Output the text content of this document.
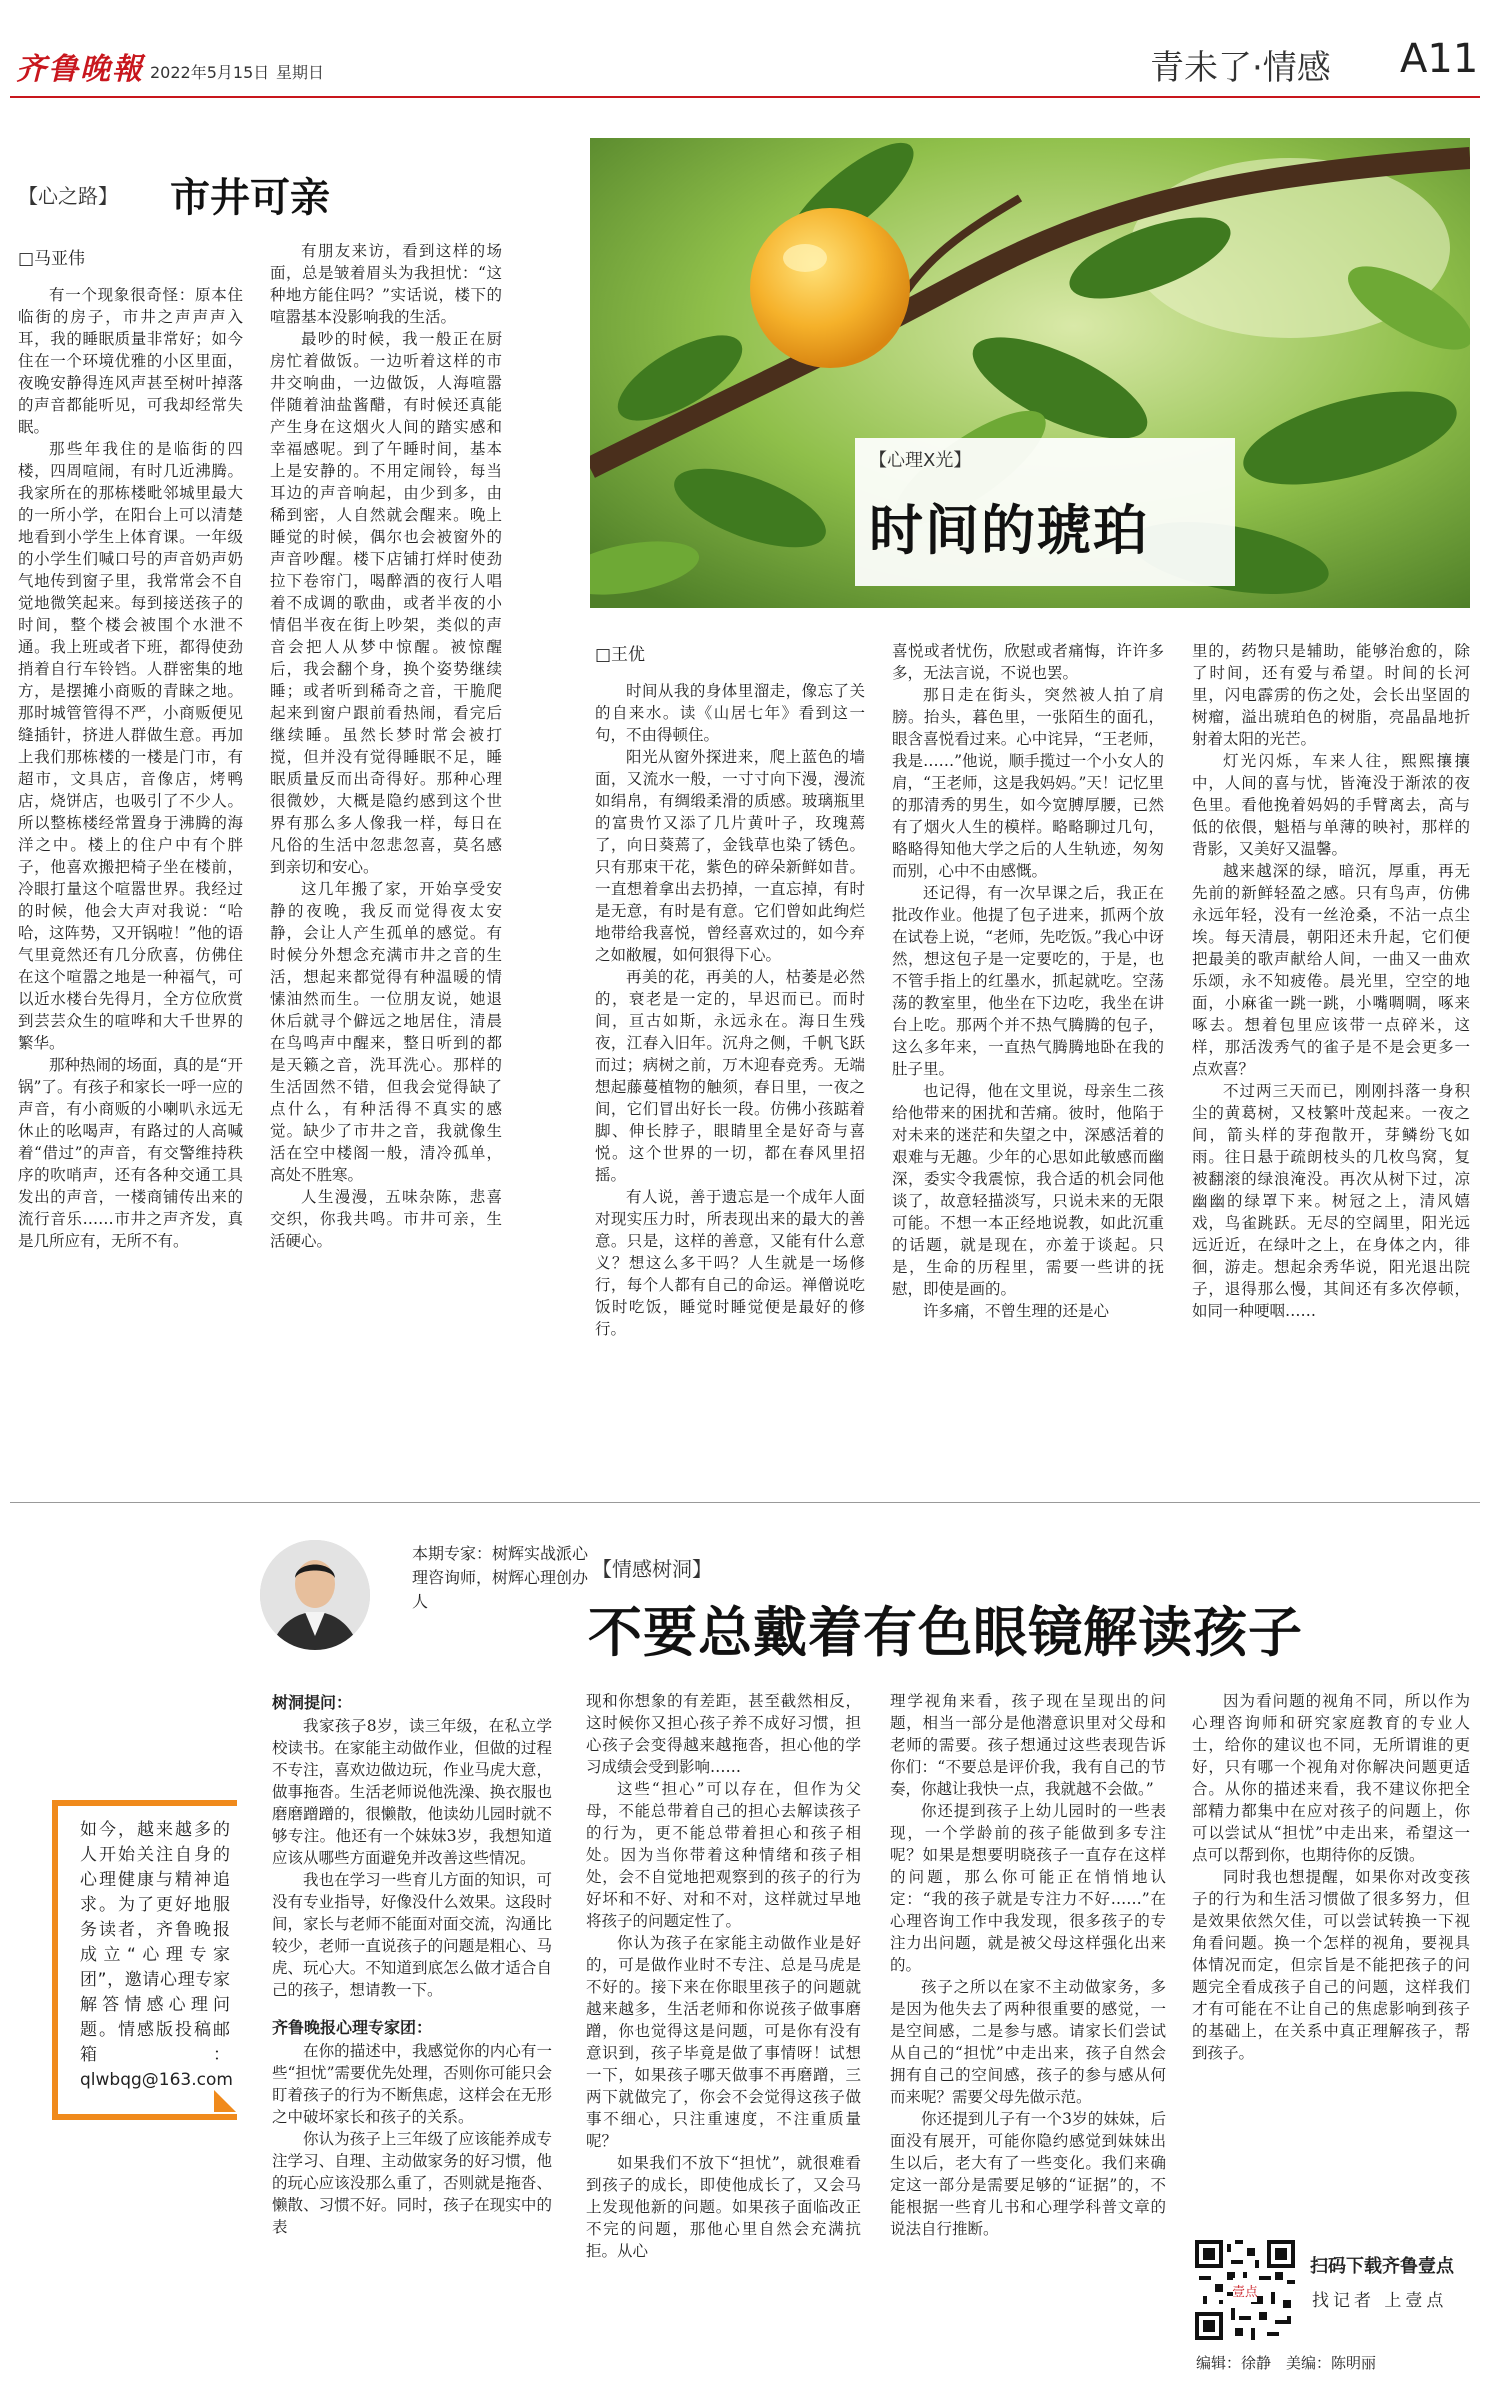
齐鲁晚報 2022年5月15日 星期日	青未了·情感 A11
【心之路】 市井可亲
□马亚伟

有一个现象很奇怪：原本住临街的房子，市井之声声声入耳，我的睡眠质量非常好；如今住在一个环境优雅的小区里面，夜晚安静得连风声甚至树叶掉落的声音都能听见，可我却经常失眠。

那些年我住的是临街的四楼，四周喧闹，有时几近沸腾。我家所在的那栋楼毗邻城里最大的一所小学，在阳台上可以清楚地看到小学生上体育课。一年级的小学生们喊口号的声音奶声奶气地传到窗子里，我常常会不自觉地微笑起来。每到接送孩子的时间，整个楼会被围个水泄不通。我上班或者下班，都得使劲捎着自行车铃铛。人群密集的地方，是摆摊小商贩的青睐之地。那时城管管得不严，小商贩便见缝插针，挤进人群做生意。再加上我们那栋楼的一楼是门市，有超市，文具店，音像店，烤鸭店，烧饼店，也吸引了不少人。所以整栋楼经常置身于沸腾的海洋之中。楼上的住户中有个胖子，他喜欢搬把椅子坐在楼前，冷眼打量这个喧嚣世界。我经过的时候，他会大声对我说：“哈哈，这阵势，又开锅啦！”他的语气里竟然还有几分欣喜，仿佛住在这个喧嚣之地是一种福气，可以近水楼台先得月，全方位欣赏到芸芸众生的喧哗和大千世界的繁华。

那种热闹的场面，真的是“开锅”了。有孩子和家长一呼一应的声音，有小商贩的小喇叭永远无休止的吆喝声，有路过的人高喊着“借过”的声音，有交警维持秩序的吹哨声，还有各种交通工具发出的声音，一楼商铺传出来的流行音乐……市井之声齐发，真是几所应有，无所不有。

有朋友来访，看到这样的场面，总是皱着眉头为我担忧：“这种地方能住吗？”实话说，楼下的喧嚣基本没影响我的生活。

最吵的时候，我一般正在厨房忙着做饭。一边听着这样的市井交响曲，一边做饭，人海喧嚣伴随着油盐酱醋，有时候还真能产生身在这烟火人间的踏实感和幸福感呢。到了午睡时间，基本上是安静的。不用定闹铃，每当耳边的声音响起，由少到多，由稀到密，人自然就会醒来。晚上睡觉的时候，偶尔也会被窗外的声音吵醒。楼下店铺打烊时使劲拉下卷帘门，喝醉酒的夜行人唱着不成调的歌曲，或者半夜的小情侣半夜在街上吵架，类似的声音会把人从梦中惊醒。被惊醒后，我会翻个身，换个姿势继续睡；或者听到稀奇之音，干脆爬起来到窗户跟前看热闹，看完后继续睡。虽然长梦时常会被打搅，但并没有觉得睡眠不足，睡眠质量反而出奇得好。那种心理很微妙，大概是隐约感到这个世界有那么多人像我一样，每日在凡俗的生活中忽悲忽喜，莫名感到亲切和安心。

这几年搬了家，开始享受安静的夜晚，我反而觉得夜太安静，会让人产生孤单的感觉。有时候分外想念充满市井之音的生活，想起来都觉得有种温暖的情愫油然而生。一位朋友说，她退休后就寻个僻远之地居住，清晨在鸟鸣声中醒来，整日听到的都是天籁之音，洗耳洗心。那样的生活固然不错，但我会觉得缺了点什么，有种活得不真实的感觉。缺少了市井之音，我就像生活在空中楼阁一般，清冷孤单，高处不胜寒。

人生漫漫，五味杂陈，悲喜交织，你我共鸣。市井可亲，生活硬心。

【心理X光】
时间的琥珀
□王优

时间从我的身体里溜走，像忘了关的自来水。读《山居七年》看到这一句，不由得顿住。

阳光从窗外探进来，爬上蓝色的墙面，又流水一般，一寸寸向下漫，漫流如绢帛，有绸缎柔滑的质感。玻璃瓶里的富贵竹又添了几片黄叶子，玫瑰蔫了，向日葵蔫了，金钱草也染了锈色。只有那束干花，紫色的碎朵新鲜如昔。一直想着拿出去扔掉，一直忘掉，有时是无意，有时是有意。它们曾如此绚烂地带给我喜悦，曾经喜欢过的，如今弃之如敝履，如何狠得下心。

再美的花，再美的人，枯萎是必然的，衰老是一定的，早迟而已。而时间，亘古如斯，永远永在。海日生残夜，江春入旧年。沉舟之侧，千帆飞跃而过；病树之前，万木迎春竞秀。无端想起藤蔓植物的触须，春日里，一夜之间，它们冒出好长一段。仿佛小孩踮着脚、伸长脖子，眼睛里全是好奇与喜悦。这个世界的一切，都在春风里招摇。

有人说，善于遗忘是一个成年人面对现实压力时，所表现出来的最大的善意。只是，这样的善意，又能有什么意义？想这么多干吗？人生就是一场修行，每个人都有自己的命运。禅僧说吃饭时吃饭，睡觉时睡觉便是最好的修行。

喜悦或者忧伤，欣慰或者痛悔，许许多多，无法言说，不说也罢。

那日走在街头，突然被人拍了肩膀。抬头，暮色里，一张陌生的面孔，眼含喜悦看过来。心中诧异，“王老师，我是……”他说，顺手揽过一个小女人的肩，“王老师，这是我妈妈。”天！记忆里的那清秀的男生，如今宽膊厚腰，已然有了烟火人生的模样。略略聊过几句，略略得知他大学之后的人生轨迹，匆匆而别，心中不由感慨。

还记得，有一次早课之后，我正在批改作业。他提了包子进来，抓两个放在试卷上说，“老师，先吃饭。”我心中讶然，想这包子是一定要吃的，于是，也不管手指上的红墨水，抓起就吃。空荡荡的教室里，他坐在下边吃，我坐在讲台上吃。那两个并不热气腾腾的包子，这么多年来，一直热气腾腾地卧在我的肚子里。

也记得，他在文里说，母亲生二孩给他带来的困扰和苦痛。彼时，他陷于对未来的迷茫和失望之中，深感活着的艰难与无趣。少年的心思如此敏感而幽深，委实令我震惊，我合适的机会同他谈了，故意轻描淡写，只说未来的无限可能。不想一本正经地说教，如此沉重的话题，就是现在，亦羞于谈起。只是，生命的历程里，需要一些讲的抚慰，即使是画的。

许多痛，不曾生理的还是心

里的，药物只是辅助，能够治愈的，除了时间，还有爱与希望。时间的长河里，闪电霹雳的伤之处，会长出坚固的树瘤，溢出琥珀色的树脂，亮晶晶地折射着太阳的光芒。

灯光闪烁，车来人往，熙熙攘攘中，人间的喜与忧，皆淹没于渐浓的夜色里。看他挽着妈妈的手臂离去，高与低的依偎，魁梧与单薄的映衬，那样的背影，又美好又温馨。

越来越深的绿，暗沉，厚重，再无先前的新鲜轻盈之感。只有鸟声，仿佛永远年轻，没有一丝沧桑，不沾一点尘埃。每天清晨，朝阳还未升起，它们便把最美的歌声献给人间，一曲又一曲欢乐颂，永不知疲倦。晨光里，空空的地面，小麻雀一跳一跳，小嘴啁啁，啄来啄去。想着包里应该带一点碎米，这样，那活泼秀气的雀子是不是会更多一点欢喜？

不过两三天而已，刚刚抖落一身积尘的黄葛树，又枝繁叶茂起来。一夜之间，箭头样的芽孢散开，芽鳞纷飞如雨。往日悬于疏朗枝头的几枚鸟窝，复被翻滚的绿浪淹没。再次从树下过，凉幽幽的绿罩下来。树冠之上，清风嬉戏，鸟雀跳跃。无尽的空阔里，阳光远远近近，在绿叶之上，在身体之内，徘徊，游走。想起余秀华说，阳光退出院子，退得那么慢，其间还有多次停顿，如同一种哽咽……

本期专家：树辉实战派心理咨询师，树辉心理创办人
【情感树洞】
不要总戴着有色眼镜解读孩子
如今，越来越多的人开始关注自身的心理健康与精神追求。为了更好地服务读者，齐鲁晚报成立“心理专家团”，邀请心理专家解答情感心理问题。情感版投稿邮箱：qlwbqg@163.com
树洞提问：

我家孩子8岁，读三年级，在私立学校读书。在家能主动做作业，但做的过程不专注，喜欢边做边玩，作业马虎大意，做事拖沓。生活老师说他洗澡、换衣服也磨磨蹭蹭的，很懒散，他读幼儿园时就不够专注。他还有一个妹妹3岁，我想知道应该从哪些方面避免并改善这些情况。

我也在学习一些育儿方面的知识，可没有专业指导，好像没什么效果。这段时间，家长与老师不能面对面交流，沟通比较少，老师一直说孩子的问题是粗心、马虎、玩心大。不知道到底怎么做才适合自己的孩子，想请教一下。

齐鲁晚报心理专家团：

在你的描述中，我感觉你的内心有一些“担忧”需要优先处理，否则你可能只会盯着孩子的行为不断焦虑，这样会在无形之中破坏家长和孩子的关系。

你认为孩子上三年级了应该能养成专注学习、自理、主动做家务的好习惯，他的玩心应该没那么重了，否则就是拖沓、懒散、习惯不好。同时，孩子在现实中的表

现和你想象的有差距，甚至截然相反，这时候你又担心孩子养不成好习惯，担心孩子会变得越来越拖沓，担心他的学习成绩会受到影响……

这些“担心”可以存在，但作为父母，不能总带着自己的担心去解读孩子的行为，更不能总带着担心和孩子相处。因为当你带着这种情绪和孩子相处，会不自觉地把观察到的孩子的行为好坏和不好、对和不对，这样就过早地将孩子的问题定性了。

你认为孩子在家能主动做作业是好的，可是做作业时不专注、总是马虎是不好的。接下来在你眼里孩子的问题就越来越多，生活老师和你说孩子做事磨蹭，你也觉得这是问题，可是你有没有意识到，孩子毕竟是做了事情呀！试想一下，如果孩子哪天做事不再磨蹭，三两下就做完了，你会不会觉得这孩子做事不细心，只注重速度，不注重质量呢？

如果我们不放下“担忧”，就很难看到孩子的成长，即使他成长了，又会马上发现他新的问题。如果孩子面临改正不完的问题，那他心里自然会充满抗拒。从心

理学视角来看，孩子现在呈现出的问题，相当一部分是他潜意识里对父母和老师的需要。孩子想通过这些表现告诉你们：“不要总是评价我，我有自己的节奏，你越让我快一点，我就越不会做。”

你还提到孩子上幼儿园时的一些表现，一个学龄前的孩子能做到多专注呢？如果是想要明晓孩子一直存在这样的问题，那么你可能正在悄悄地认定：“我的孩子就是专注力不好……”在心理咨询工作中我发现，很多孩子的专注力出问题，就是被父母这样强化出来的。

孩子之所以在家不主动做家务，多是因为他失去了两种很重要的感觉，一是空间感，二是参与感。请家长们尝试从自己的“担忧”中走出来，孩子自然会拥有自己的空间感，孩子的参与感从何而来呢？需要父母先做示范。

你还提到儿子有一个3岁的妹妹，后面没有展开，可能你隐约感觉到妹妹出生以后，老大有了一些变化。我们来确定这一部分是需要足够的“证据”的，不能根据一些育儿书和心理学科普文章的说法自行推断。

因为看问题的视角不同，所以作为心理咨询师和研究家庭教育的专业人士，给你的建议也不同，无所谓谁的更好，只有哪一个视角对你解决问题更适合。从你的描述来看，我不建议你把全部精力都集中在应对孩子的问题上，你可以尝试从“担忧”中走出来，希望这一点可以帮到你，也期待你的反馈。

同时我也想提醒，如果你对改变孩子的行为和生活习惯做了很多努力，但是效果依然欠佳，可以尝试转换一下视角看问题。换一个怎样的视角，要视具体情况而定，但宗旨是不能把孩子的问题完全看成孩子自己的问题，这样我们才有可能在不让自己的焦虑影响到孩子的基础上，在关系中真正理解孩子，帮到孩子。

壹点
扫码下载齐鲁壹点
找记者 上壹点
编辑：徐静　美编：陈明丽
